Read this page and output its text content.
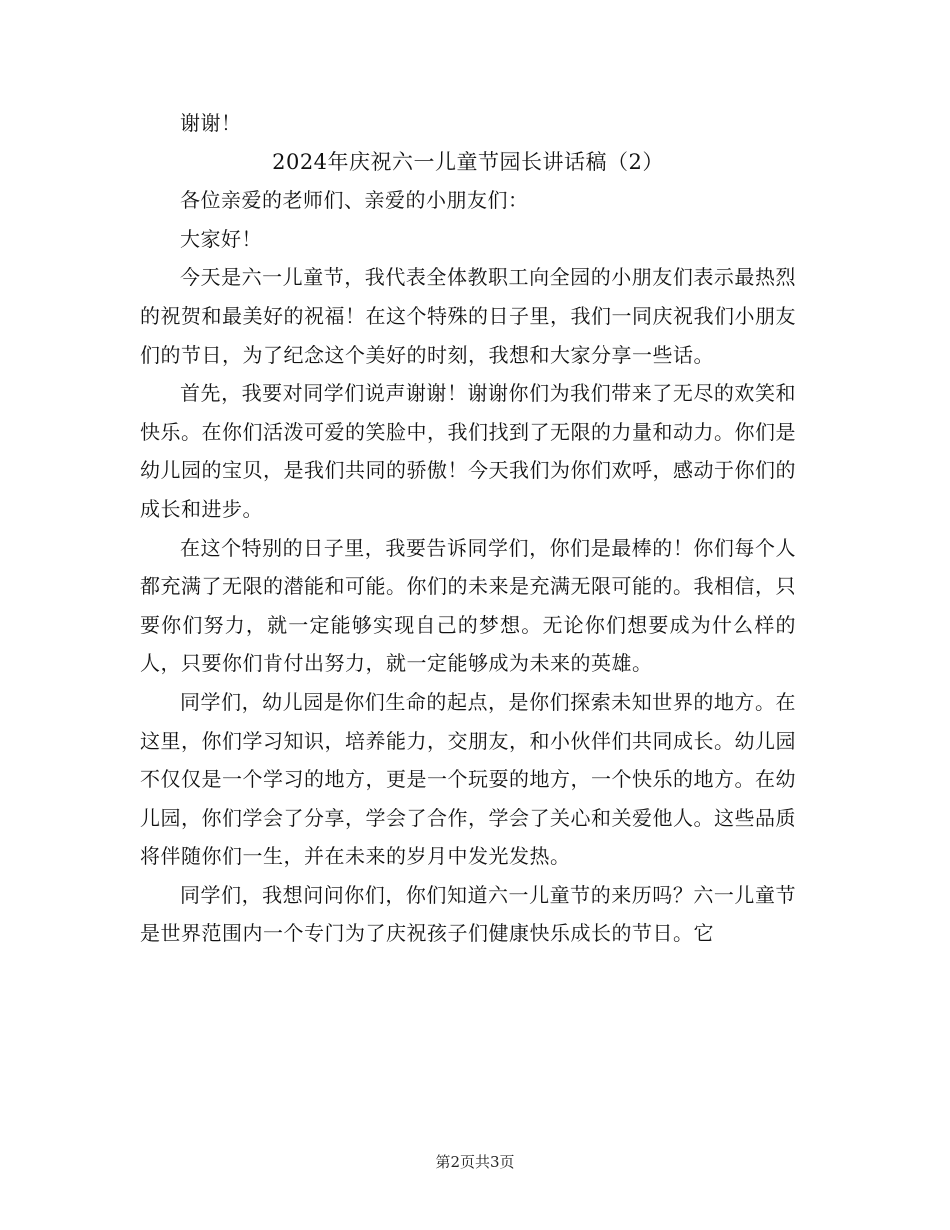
谢谢！

2024年庆祝六一儿童节园长讲话稿（2）

各位亲爱的老师们、亲爱的小朋友们：

大家好！

今天是六一儿童节，我代表全体教职工向全园的小朋友们表示最热烈的祝贺和最美好的祝福！在这个特殊的日子里，我们一同庆祝我们小朋友们的节日，为了纪念这个美好的时刻，我想和大家分享一些话。

首先，我要对同学们说声谢谢！谢谢你们为我们带来了无尽的欢笑和快乐。在你们活泼可爱的笑脸中，我们找到了无限的力量和动力。你们是幼儿园的宝贝，是我们共同的骄傲！今天我们为你们欢呼，感动于你们的成长和进步。

在这个特别的日子里，我要告诉同学们，你们是最棒的！你们每个人都充满了无限的潜能和可能。你们的未来是充满无限可能的。我相信，只要你们努力，就一定能够实现自己的梦想。无论你们想要成为什么样的人，只要你们肯付出努力，就一定能够成为未来的英雄。

同学们，幼儿园是你们生命的起点，是你们探索未知世界的地方。在这里，你们学习知识，培养能力，交朋友，和小伙伴们共同成长。幼儿园不仅仅是一个学习的地方，更是一个玩耍的地方，一个快乐的地方。在幼儿园，你们学会了分享，学会了合作，学会了关心和关爱他人。这些品质将伴随你们一生，并在未来的岁月中发光发热。

同学们，我想问问你们，你们知道六一儿童节的来历吗？六一儿童节是世界范围内一个专门为了庆祝孩子们健康快乐成长的节日。它

第2页共3页
